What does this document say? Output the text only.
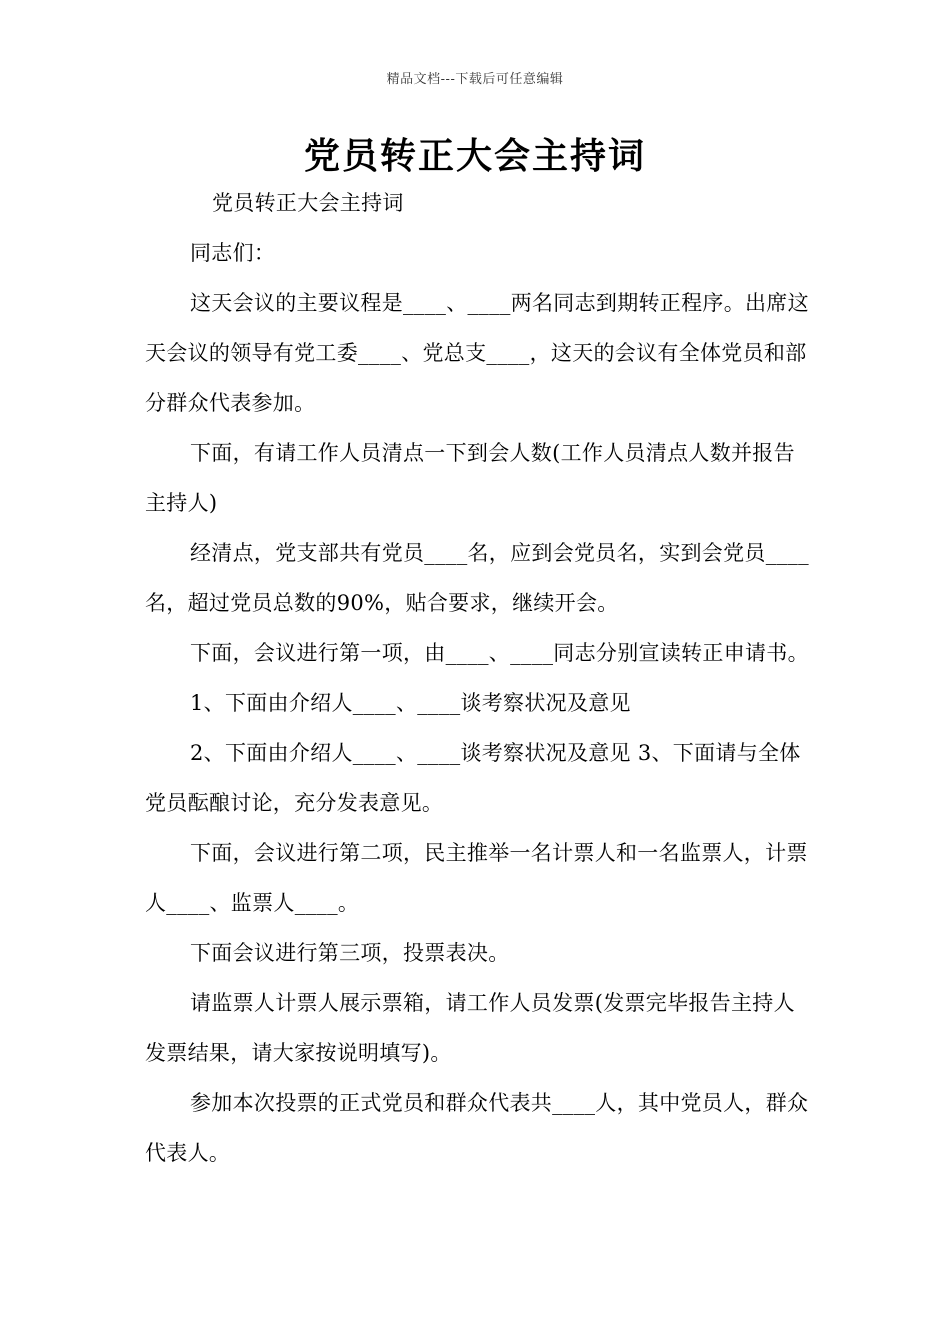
精品文档---下载后可任意编辑
党员转正大会主持词

党员转正大会主持词

同志们：

这天会议的主要议程是____、____两名同志到期转正程序。出席这天会议的领导有党工委____、党总支____，这天的会议有全体党员和部分群众代表参加。

下面，有请工作人员清点一下到会人数(工作人员清点人数并报告主持人)

经清点，党支部共有党员____名，应到会党员名，实到会党员____名，超过党员总数的90%，贴合要求，继续开会。

下面，会议进行第一项，由____、____同志分别宣读转正申请书。

1、下面由介绍人____、____谈考察状况及意见

2、下面由介绍人____、____谈考察状况及意见 3、下面请与全体党员酝酿讨论，充分发表意见。

下面，会议进行第二项，民主推举一名计票人和一名监票人，计票人____、监票人____。

下面会议进行第三项，投票表决。

请监票人计票人展示票箱，请工作人员发票(发票完毕报告主持人发票结果，请大家按说明填写)。

参加本次投票的正式党员和群众代表共____人，其中党员人，群众代表人。
